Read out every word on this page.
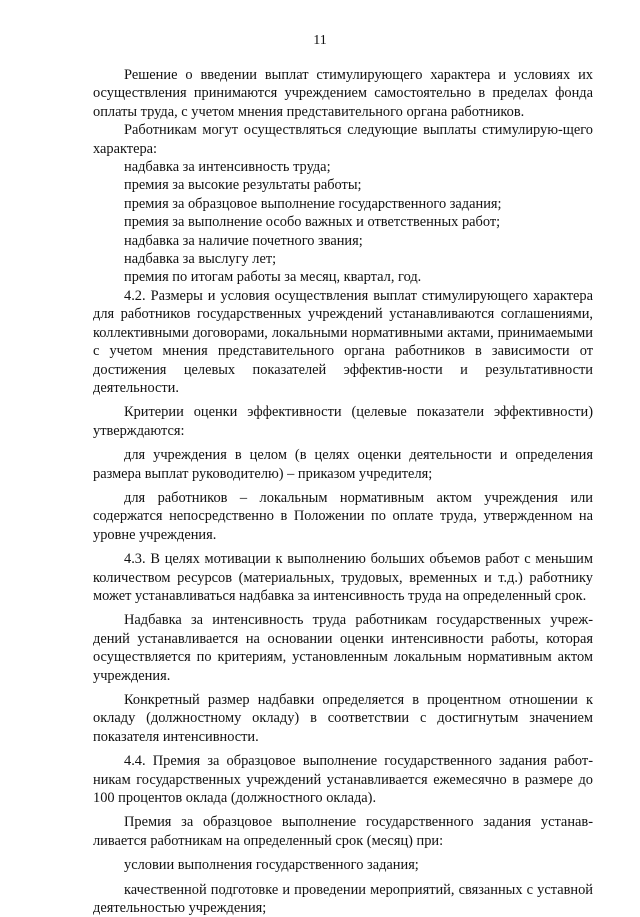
11

Решение о введении выплат стимулирующего характера и условиях их осуществления принимаются учреждением самостоятельно в пределах фонда оплаты труда, с учетом мнения представительного органа работников.

Работникам могут осуществляться следующие выплаты стимулирую-щего характера:

надбавка за интенсивность труда;

премия за высокие результаты работы;

премия за образцовое выполнение государственного задания;

премия за выполнение особо важных и ответственных работ;

надбавка за наличие почетного звания;

надбавка за выслугу лет;

премия по итогам работы за месяц, квартал, год.

4.2. Размеры и условия осуществления выплат стимулирующего характера для работников государственных учреждений устанавливаются соглашениями, коллективными договорами, локальными нормативными актами, принимаемыми с учетом мнения представительного органа работников в зависимости от достижения целевых показателей эффектив-ности и результативности деятельности.

Критерии оценки эффективности (целевые показатели эффективности) утверждаются:

для учреждения в целом (в целях оценки деятельности и определения размера выплат руководителю) – приказом учредителя;

для работников – локальным нормативным актом учреждения или содержатся непосредственно в Положении по оплате труда, утвержденном на уровне учреждения.

4.3. В целях мотивации к выполнению больших объемов работ с меньшим количеством ресурсов (материальных, трудовых, временных и т.д.) работнику может устанавливаться надбавка за интенсивность труда на определенный срок.

Надбавка за интенсивность труда работникам государственных учреж-дений устанавливается на основании оценки интенсивности работы, которая осуществляется по критериям, установленным локальным нормативным актом учреждения.

Конкретный размер надбавки определяется в процентном отношении к окладу (должностному окладу) в соответствии с достигнутым значением показателя интенсивности.

4.4. Премия за образцовое выполнение государственного задания работ-никам государственных учреждений устанавливается ежемесячно в размере до 100 процентов оклада (должностного оклада).

Премия за образцовое выполнение государственного задания устанав-ливается работникам на определенный срок (месяц) при:

условии выполнения государственного задания;

качественной подготовке и проведении мероприятий, связанных с уставной деятельностью учреждения;
